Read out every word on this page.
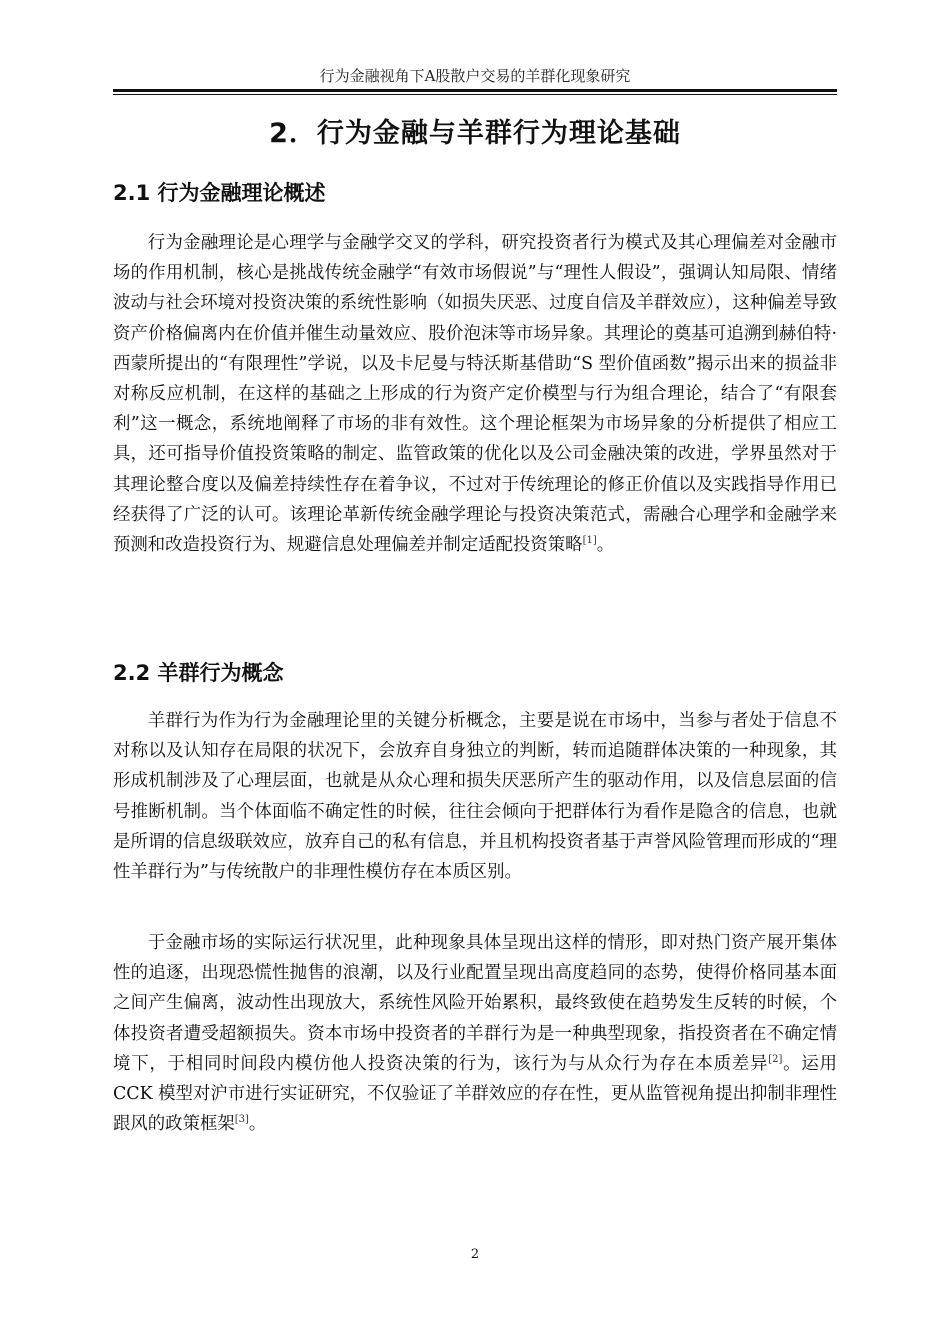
行为金融视角下A股散户交易的羊群化现象研究
2．行为金融与羊群行为理论基础
2.1 行为金融理论概述

行为金融理论是心理学与金融学交叉的学科，研究投资者行为模式及其心理偏差对金融市场的作用机制，核心是挑战传统金融学“有效市场假说”与“理性人假设”，强调认知局限、情绪波动与社会环境对投资决策的系统性影响（如损失厌恶、过度自信及羊群效应），这种偏差导致资产价格偏离内在价值并催生动量效应、股价泡沫等市场异象。其理论的奠基可追溯到赫伯特·西蒙所提出的“有限理性”学说，以及卡尼曼与特沃斯基借助“S 型价值函数”揭示出来的损益非对称反应机制，在这样的基础之上形成的行为资产定价模型与行为组合理论，结合了“有限套利”这一概念，系统地阐释了市场的非有效性。这个理论框架为市场异象的分析提供了相应工具，还可指导价值投资策略的制定、监管政策的优化以及公司金融决策的改进，学界虽然对于其理论整合度以及偏差持续性存在着争议，不过对于传统理论的修正价值以及实践指导作用已经获得了广泛的认可。该理论革新传统金融学理论与投资决策范式，需融合心理学和金融学来预测和改造投资行为、规避信息处理偏差并制定适配投资策略[1]。

2.2 羊群行为概念

羊群行为作为行为金融理论里的关键分析概念，主要是说在市场中，当参与者处于信息不对称以及认知存在局限的状况下，会放弃自身独立的判断，转而追随群体决策的一种现象，其形成机制涉及了心理层面，也就是从众心理和损失厌恶所产生的驱动作用，以及信息层面的信号推断机制。当个体面临不确定性的时候，往往会倾向于把群体行为看作是隐含的信息，也就是所谓的信息级联效应，放弃自己的私有信息，并且机构投资者基于声誉风险管理而形成的“理性羊群行为”与传统散户的非理性模仿存在本质区别。

于金融市场的实际运行状况里，此种现象具体呈现出这样的情形，即对热门资产展开集体性的追逐，出现恐慌性抛售的浪潮，以及行业配置呈现出高度趋同的态势，使得价格同基本面之间产生偏离，波动性出现放大，系统性风险开始累积，最终致使在趋势发生反转的时候，个体投资者遭受超额损失。资本市场中投资者的羊群行为是一种典型现象，指投资者在不确定情境下，于相同时间段内模仿他人投资决策的行为，该行为与从众行为存在本质差异[2]。运用 CCK 模型对沪市进行实证研究，不仅验证了羊群效应的存在性，更从监管视角提出抑制非理性跟风的政策框架[3]。

2
